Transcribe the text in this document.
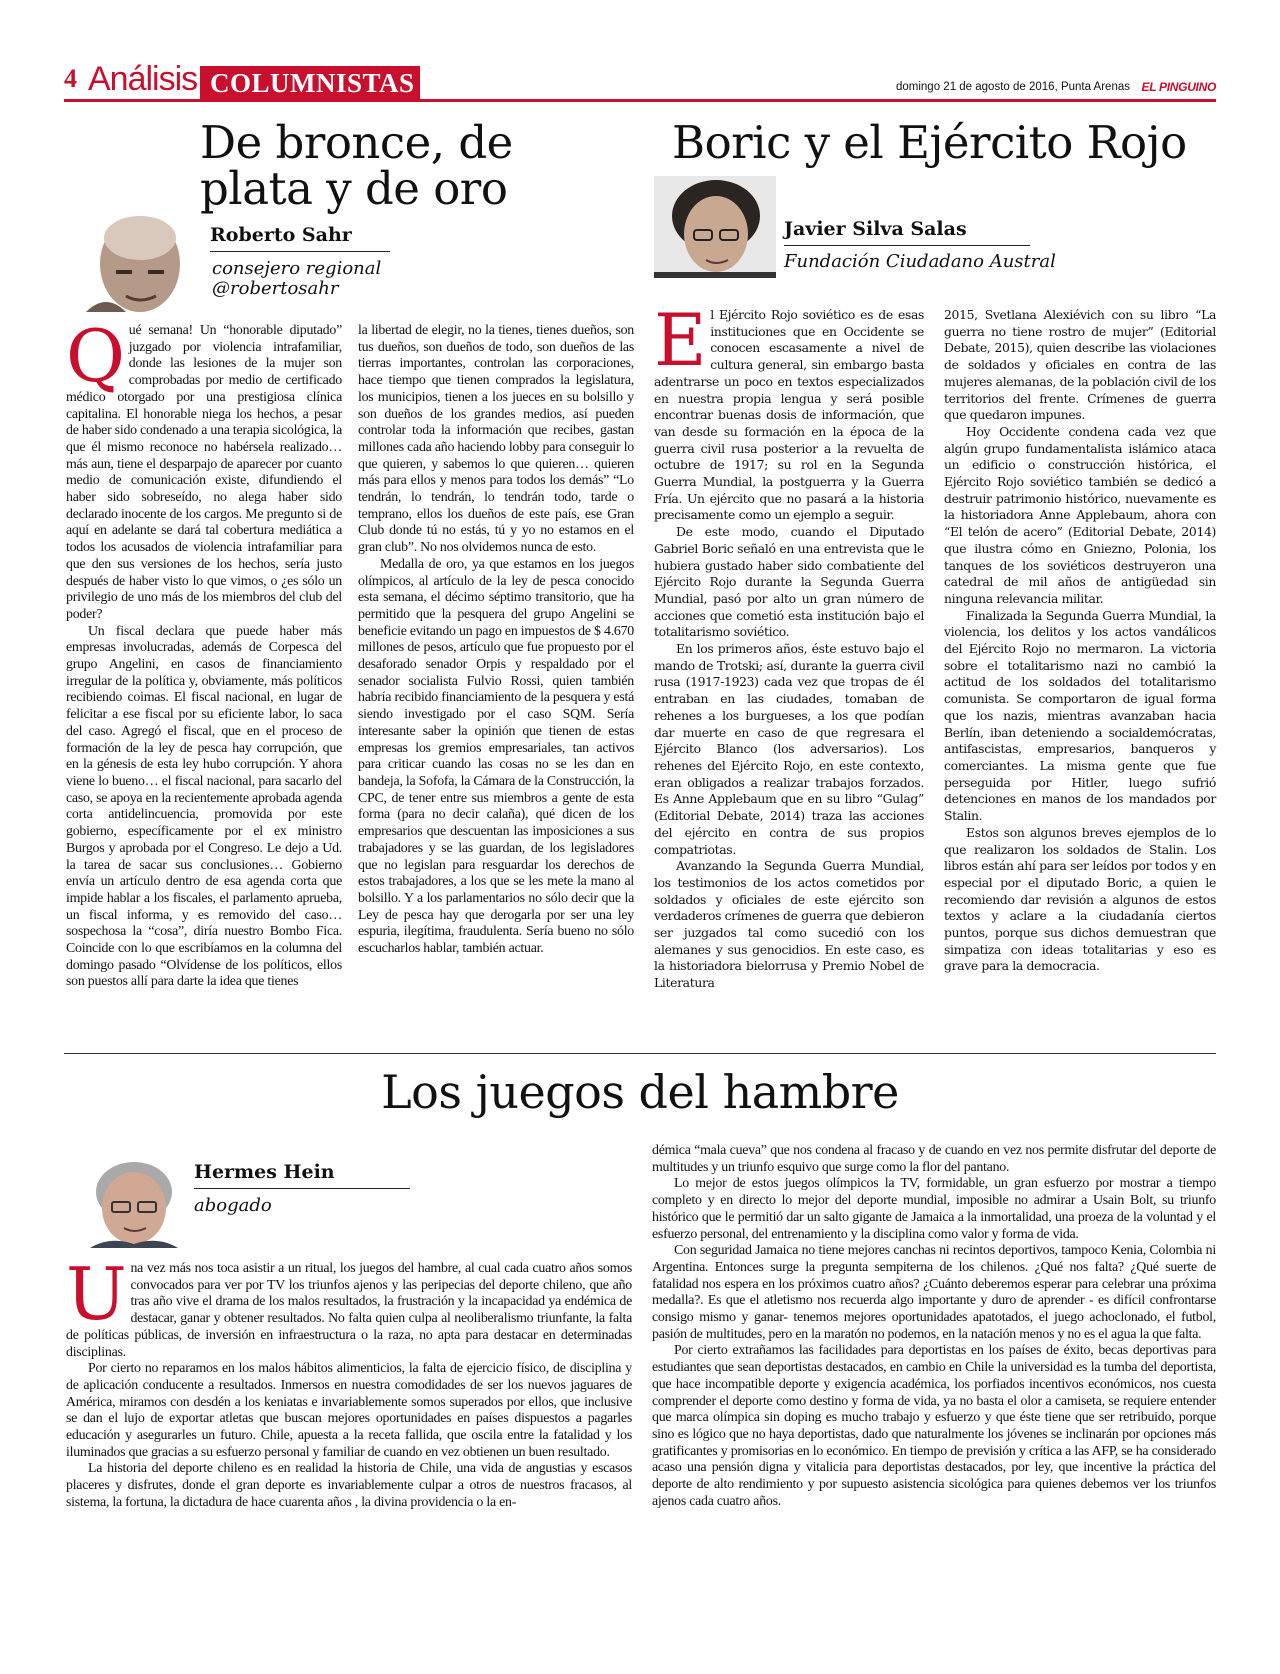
4 Análisis COLUMNISTAS	domingo 21 de agosto de 2016, Punta Arenas EL PINGUINO
De bronce, de plata y de oro
Roberto Sahr
consejero regional
@robertosahr
Q ué semana! Un “honorable diputado” juzgado por violencia intrafamiliar, donde las lesiones de la mujer son comprobadas por medio de certificado médico otorgado por una prestigiosa clínica capitalina. El honorable niega los hechos, a pesar de haber sido condenado a una terapia sicológica, la que él mismo reconoce no habérsela realizado… más aun, tiene el desparpajo de aparecer por cuanto medio de comunicación existe, difundiendo el haber sido sobreseído, no alega haber sido declarado inocente de los cargos. Me pregunto si de aquí en adelante se dará tal cobertura mediática a todos los acusados de violencia intrafamiliar para que den sus versiones de los hechos, sería justo después de haber visto lo que vimos, o ¿es sólo un privilegio de uno más de los miembros del club del poder?

Un fiscal declara que puede haber más empresas involucradas, además de Corpesca del grupo Angelini, en casos de financiamiento irregular de la política y, obviamente, más políticos recibiendo coimas. El fiscal nacional, en lugar de felicitar a ese fiscal por su eficiente labor, lo saca del caso. Agregó el fiscal, que en el proceso de formación de la ley de pesca hay corrupción, que en la génesis de esta ley hubo corrupción. Y ahora viene lo bueno… el fiscal nacional, para sacarlo del caso, se apoya en la recientemente aprobada agenda corta antidelincuencia, promovida por este gobierno, específicamente por el ex ministro Burgos y aprobada por el Congreso. Le dejo a Ud. la tarea de sacar sus conclusiones… Gobierno envía un artículo dentro de esa agenda corta que impide hablar a los fiscales, el parlamento aprueba, un fiscal informa, y es removido del caso… sospechosa la “cosa”, diría nuestro Bombo Fica. Coincide con lo que escribíamos en la columna del domingo pasado “Olvídense de los políticos, ellos son puestos allí para darte la idea que tienes

la libertad de elegir, no la tienes, tienes dueños, son tus dueños, son dueños de todo, son dueños de las tierras importantes, controlan las corporaciones, hace tiempo que tienen comprados la legislatura, los municipios, tienen a los jueces en su bolsillo y son dueños de los grandes medios, así pueden controlar toda la información que recibes, gastan millones cada año haciendo lobby para conseguir lo que quieren, y sabemos lo que quieren… quieren más para ellos y menos para todos los demás” “Lo tendrán, lo tendrán, lo tendrán todo, tarde o temprano, ellos los dueños de este país, ese Gran Club donde tú no estás, tú y yo no estamos en el gran club”. No nos olvidemos nunca de esto.

Medalla de oro, ya que estamos en los juegos olímpicos, al artículo de la ley de pesca conocido esta semana, el décimo séptimo transitorio, que ha permitido que la pesquera del grupo Angelini se beneficie evitando un pago en impuestos de $ 4.670 millones de pesos, artículo que fue propuesto por el desaforado senador Orpis y respaldado por el senador socialista Fulvio Rossi, quien también habría recibido financiamiento de la pesquera y está siendo investigado por el caso SQM. Sería interesante saber la opinión que tienen de estas empresas los gremios empresariales, tan activos para criticar cuando las cosas no se les dan en bandeja, la Sofofa, la Cámara de la Construcción, la CPC, de tener entre sus miembros a gente de esta forma (para no decir calaña), qué dicen de los empresarios que descuentan las imposiciones a sus trabajadores y se las guardan, de los legisladores que no legislan para resguardar los derechos de estos trabajadores, a los que se les mete la mano al bolsillo. Y a los parlamentarios no sólo decir que la Ley de pesca hay que derogarla por ser una ley espuria, ilegítima, fraudulenta. Sería bueno no sólo escucharlos hablar, también actuar.

Boric y el Ejército Rojo
Javier Silva Salas
Fundación Ciudadano Austral
E l Ejército Rojo soviético es de esas instituciones que en Occidente se conocen escasamente a nivel de cultura general, sin embargo basta adentrarse un poco en textos especializados en nuestra propia lengua y será posible encontrar buenas dosis de información, que van desde su formación en la época de la guerra civil rusa posterior a la revuelta de octubre de 1917; su rol en la Segunda Guerra Mundial, la postguerra y la Guerra Fría. Un ejército que no pasará a la historia precisamente como un ejemplo a seguir.

De este modo, cuando el Diputado Gabriel Boric señaló en una entrevista que le hubiera gustado haber sido combatiente del Ejército Rojo durante la Segunda Guerra Mundial, pasó por alto un gran número de acciones que cometió esta institución bajo el totalitarismo soviético.

En los primeros años, éste estuvo bajo el mando de Trotski; así, durante la guerra civil rusa (1917-1923) cada vez que tropas de él entraban en las ciudades, tomaban de rehenes a los burgueses, a los que podían dar muerte en caso de que regresara el Ejército Blanco (los adversarios). Los rehenes del Ejército Rojo, en este contexto, eran obligados a realizar trabajos forzados. Es Anne Applebaum que en su libro “Gulag” (Editorial Debate, 2014) traza las acciones del ejército en contra de sus propios compatriotas.

Avanzando la Segunda Guerra Mundial, los testimonios de los actos cometidos por soldados y oficiales de este ejército son verdaderos crímenes de guerra que debieron ser juzgados tal como sucedió con los alemanes y sus genocidios. En este caso, es la historiadora bielorrusa y Premio Nobel de Literatura

2015, Svetlana Alexiévich con su libro “La guerra no tiene rostro de mujer” (Editorial Debate, 2015), quien describe las violaciones de soldados y oficiales en contra de las mujeres alemanas, de la población civil de los territorios del frente. Crímenes de guerra que quedaron impunes.

Hoy Occidente condena cada vez que algún grupo fundamentalista islámico ataca un edificio o construcción histórica, el Ejército Rojo soviético también se dedicó a destruir patrimonio histórico, nuevamente es la historiadora Anne Applebaum, ahora con “El telón de acero” (Editorial Debate, 2014) que ilustra cómo en Gniezno, Polonia, los tanques de los soviéticos destruyeron una catedral de mil años de antigüedad sin ninguna relevancia militar.

Finalizada la Segunda Guerra Mundial, la violencia, los delitos y los actos vandálicos del Ejército Rojo no mermaron. La victoria sobre el totalitarismo nazi no cambió la actitud de los soldados del totalitarismo comunista. Se comportaron de igual forma que los nazis, mientras avanzaban hacia Berlín, iban deteniendo a socialdemócratas, antifascistas, empresarios, banqueros y comerciantes. La misma gente que fue perseguida por Hitler, luego sufrió detenciones en manos de los mandados por Stalin.

Estos son algunos breves ejemplos de lo que realizaron los soldados de Stalin. Los libros están ahí para ser leídos por todos y en especial por el diputado Boric, a quien le recomiendo dar revisión a algunos de estos textos y aclare a la ciudadanía ciertos puntos, porque sus dichos demuestran que simpatiza con ideas totalitarias y eso es grave para la democracia.

Los juegos del hambre
Hermes Hein
abogado
U na vez más nos toca asistir a un ritual, los juegos del hambre, al cual cada cuatro años somos convocados para ver por TV los triunfos ajenos y las peripecias del deporte chileno, que año tras año vive el drama de los malos resultados, la frustración y la incapacidad ya endémica de destacar, ganar y obtener resultados. No falta quien culpa al neoliberalismo triunfante, la falta de políticas públicas, de inversión en infraestructura o la raza, no apta para destacar en determinadas disciplinas.

Por cierto no reparamos en los malos hábitos alimenticios, la falta de ejercicio físico, de disciplina y de aplicación conducente a resultados. Inmersos en nuestra comodidades de ser los nuevos jaguares de América, miramos con desdén a los keniatas e invariablemente somos superados por ellos, que inclusive se dan el lujo de exportar atletas que buscan mejores oportunidades en países dispuestos a pagarles educación y asegurarles un futuro. Chile, apuesta a la receta fallida, que oscila entre la fatalidad y los iluminados que gracias a su esfuerzo personal y familiar de cuando en vez obtienen un buen resultado.

La historia del deporte chileno es en realidad la historia de Chile, una vida de angustias y escasos placeres y disfrutes, donde el gran deporte es invariablemente culpar a otros de nuestros fracasos, al sistema, la fortuna, la dictadura de hace cuarenta años , la divina providencia o la en-

démica “mala cueva” que nos condena al fracaso y de cuando en vez nos permite disfrutar del deporte de multitudes y un triunfo esquivo que surge como la flor del pantano.

Lo mejor de estos juegos olímpicos la TV, formidable, un gran esfuerzo por mostrar a tiempo completo y en directo lo mejor del deporte mundial, imposible no admirar a Usain Bolt, su triunfo histórico que le permitió dar un salto gigante de Jamaica a la inmortalidad, una proeza de la voluntad y el esfuerzo personal, del entrenamiento y la disciplina como valor y forma de vida.

Con seguridad Jamaica no tiene mejores canchas ni recintos deportivos, tampoco Kenia, Colombia ni Argentina. Entonces surge la pregunta sempiterna de los chilenos. ¿Qué nos falta? ¿Qué suerte de fatalidad nos espera en los próximos cuatro años? ¿Cuánto deberemos esperar para celebrar una próxima medalla?. Es que el atletismo nos recuerda algo importante y duro de aprender - es difícil confrontarse consigo mismo y ganar- tenemos mejores oportunidades apatotados, el juego achoclonado, el futbol, pasión de multitudes, pero en la maratón no podemos, en la natación menos y no es el agua la que falta.

Por cierto extrañamos las facilidades para deportistas en los países de éxito, becas deportivas para estudiantes que sean deportistas destacados, en cambio en Chile la universidad es la tumba del deportista, que hace incompatible deporte y exigencia académica, los porfiados incentivos económicos, nos cuesta comprender el deporte como destino y forma de vida, ya no basta el olor a camiseta, se requiere entender que marca olímpica sin doping es mucho trabajo y esfuerzo y que éste tiene que ser retribuido, porque sino es lógico que no haya deportistas, dado que naturalmente los jóvenes se inclinarán por opciones más gratificantes y promisorias en lo económico. En tiempo de previsión y crítica a las AFP, se ha considerado acaso una pensión digna y vitalicia para deportistas destacados, por ley, que incentive la práctica del deporte de alto rendimiento y por supuesto asistencia sicológica para quienes debemos ver los triunfos ajenos cada cuatro años.
